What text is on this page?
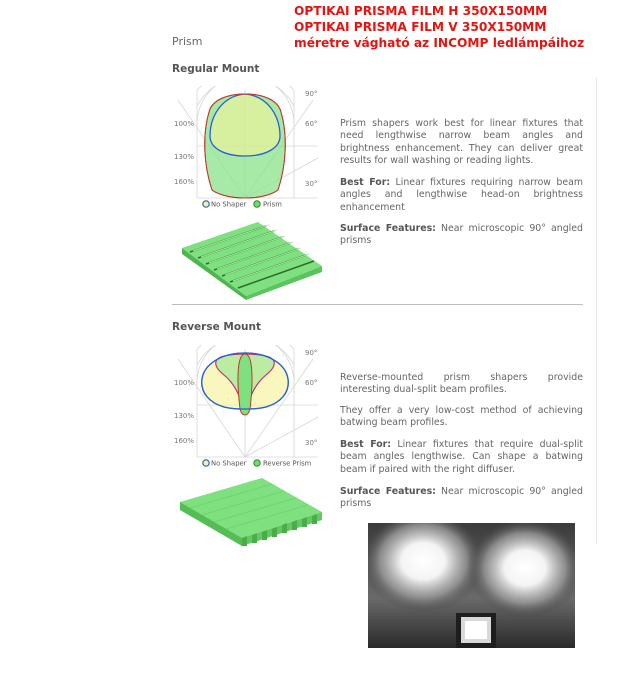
OPTIKAI PRISMA FILM H 350X150MM
OPTIKAI PRISMA FILM V 350X150MM
méretre vágható az INCOMP ledlámpáihoz
Prism
Regular Mount
90°
60°
30°
100%
130%
160%
No Shaper Prism

Prism shapers work best for linear fixtures that need lengthwise narrow beam angles and brightness enhancement. They can deliver great results for wall washing or reading lights.

Best For: Linear fixtures requiring narrow beam angles and lengthwise head-on brightness enhancement

Surface Features: Near microscopic 90° angled prisms

Reverse Mount
90°
60°
30°
100%
130%
160%
No Shaper Reverse Prism

Reverse-mounted prism shapers provide interesting dual-split beam profiles.

They offer a very low-cost method of achieving batwing beam profiles.

Best For: Linear fixtures that require dual-split beam angles lengthwise. Can shape a batwing beam if paired with the right diffuser.

Surface Features: Near microscopic 90° angled prisms
